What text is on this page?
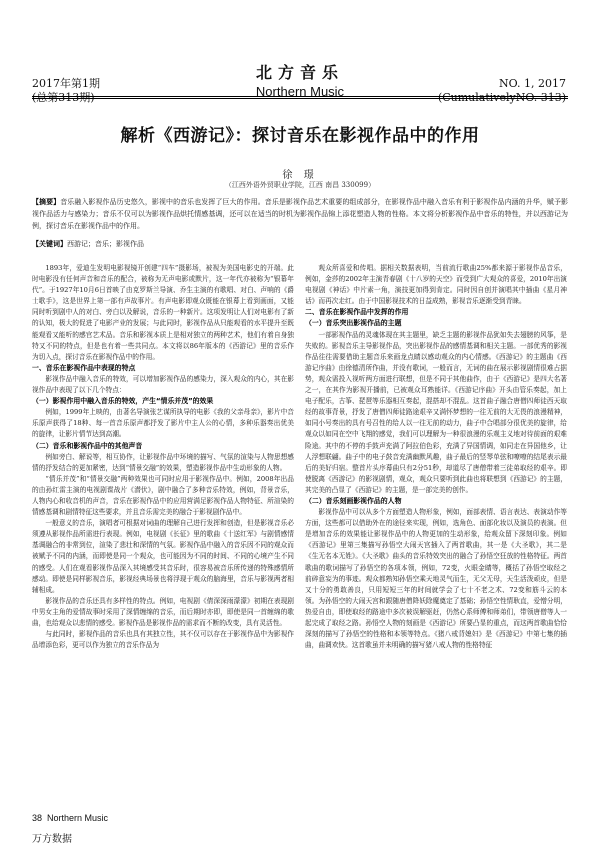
2017年第1期
(总第313期)
北方音乐
Northern Music
NO. 1, 2017
(CumulativelyNO. 313)
解析《西游记》：探讨音乐在影视作品中的作用
徐 璟
（江西外语外贸职业学院，江西 南昌 330099）
【摘要】音乐融入影视作品历史悠久，影视中的音乐也发挥了巨大的作用。音乐是影视作品艺术重要的组成部分，在影视作品中融入音乐有利于影视作品内涵的升华，赋予影视作品活力与感染力；音乐不仅可以为影视作品烘托情感基调，还可以在适当的时机为影视作品锦上添花塑造人物的性格。本文将分析影视作品中音乐的特性，并以西游记为例，探讨音乐在影视作品中的作用。
【关键词】西游记；音乐；影视作品

1893年，爱迪生发明电影视镜开创建“四车”摄影场，被视为美国电影史的开端。此时电影没有任何声音和音乐的配合，被称为无声电影或默片，这一年代亦被称为“银幕年代”。于1927年10月6日首映了由克罗斯兰导演、乔生主演的有歌唱、对白、声响的《爵士歌手》，这是世界上第一部有声故事片。有声电影即观众既能在银幕上看到画面，又能同时听到剧中人的对白、旁白以及解说，音乐的一种新片。这项发明让人们对电影有了新的认知，极大的促进了电影产业的发展；与此同时，影视作品从只能观看的水平提升至既能观看又能听的感官艺术品。音乐和影视本质上是相对独立的两种艺术，他们有着自身独特又不同的特点，但是也有着一些共同点。本文将以86年版本的《西游记》里的音乐作为切入点，探讨音乐在影视作品中的作用。

一、音乐在影视作品中表现的特点

影视作品中融入音乐的特效，可以增加影视作品的感染力，深入观众的内心，其在影视作品中表现了以下几个特点：

（一）影视作用中融入音乐的特效，产生“情乐并茂”的效果

例如，1999年上映的，由著名导演张艺谋所执导的电影《我的父亲母亲》，影片中音乐原声获得了18种、每一首音乐原声都抒发了影片中主人公的心情，多种乐器奏出优美的旋律，让影片情节达到高潮。

（二）音乐和影视作品中的其他声音

例如旁白、解说等，相互协作，让影视作品中环境的描写、气氛的渲染与人物思想感情的抒发结合的更加紧密，达到“情景交融”的效果，塑造影视作品中生动形象的人物。

“情乐并茂”和“情景交融”两种效果也可同时应用于影视作品中。例如，2008年出品的由孙红雷主演的电视剧谍战片《潜伏》，剧中融合了多种音乐特效，例如，背景音乐，人物内心和收音机的声音，音乐在影视作品中的应用营满足影视作品人物特征、所渲染的情感基调和剧情特征这些要求，并且音乐需完美的融合于影视剧作品中。

一般意义的音乐，演唱者可根据对词曲的理解自己进行发挥和创造，但是影视音乐必须遵从影视作品所需进行表现。例如，电视剧《长征》里的歌曲《十送红军》与剧情感情基调融合的非常到位，渲染了悲壮和深情的气氛。影视作品中融入的音乐因不同的观众而被赋予不同的内涵，而即使是同一个观众，也可能因为不同的时间、不同的心境产生不同的感受。人们在观看影视作品深入其境感受其音乐时，很容易被音乐所传递的特殊感情所感动。即使是同样影视音乐，影视经典场景也将浮现于观众的脑海里，音乐与影视两者相辅相成。

影视作品的音乐还具有多样性的特点。例如，电视剧《倩深深雨濛濛》初期在表现剧中男女主角的爱情故事时采用了深情缠绵的音乐，而后期时亦即，即使是同一首缠绵的歌曲，也给观众以悲情的感受。影视作品是影视作品的需求而不断的改变，具有灵活性。

与此同时，影视作品的音乐也具有其独立性，其不仅可以存在于影视作品中为影视作品增添色彩，更可以作为独立的音乐作品为

观众所喜爱和传唱。据相关数据表明，当前流行歌曲25%都来源于影视作品音乐，例如，金莎的2002年主演青春剧《十八岁的天空》而受到广大观众的喜爱，2010年出演电视剧《神话》中片素一角，演技更加得到肯定。同时因自创并演唱其中插曲《星月神话》而再次走红。由于中国影视技术的日益成熟，影视音乐逐渐受到青睐。

二、音乐在影视作品中发挥的作用

（一）音乐突出影视作品的主题

一部影视作品的灵魂体现在其主题里，缺乏主题的影视作品犹如失去翅膀的风筝，是失败的。影视音乐主导影视作品，突出影视作品的感情基调和相关主题。一部优秀的影视作品往往需要借助主题音乐来画龙点睛以感动观众的内心情感。《西游记》的主题曲《西游记序曲》由徐德清所作曲，并没有歌词，一般而言，无词的曲在展示影视剧情很难占据势，观众需投入视听两方面进行联想，但是不同于其他曲作，由于《西游记》是四大名著之一，在其作为影视开播前，已被观众耳熟能详。《西游记序曲》开头由管乐奏起，加上电子配乐，古筝、琵琶等乐器相互奏起，混搭却不混乱。这首曲子融合唐僧四师徒西天取经的故事背景，抒发了唐僧四师徒路途艰辛又满怀梦想的一往无前的大无畏的浪漫精神，如同小号奏出的具有号召性的给人以一往无前的动力，曲子中合唱部分很优美的旋律，给观众以如同在空中飞翔的感觉，我们可以理解为一种很浪漫的乐观主义地对待前面的艰难险途。其中的不停的手鼓声充满了阿拉伯色彩，充满了异国情调，如同走在异国他乡，让人浮想联翩。曲子中的电子鼓音充满幽默风趣，曲子最后的竖琴单弦和嘹嘹的结尾表示最后的美好归宿。整首片头序幕曲只有2分51秒，却道尽了唐僧带着三徒弟取经的艰辛。即使脱离《西游记》的影视剧情，观众，观众只要听到此曲也将联想到《西游记》的主题，其完美的凸显了《西游记》的主题，是一部完美的创作。

（二）音乐刻画影视作品的人物

影视作品中可以从多个方面塑造人物形象，例如，面部表情、语言表达、表演动作等方面，这些都可以借助外在的途径来实现，例如，选角色、面部化妆以及演员的表演。但是增加音乐的效果能让影视作品中的人物更加的生动形象，给观众留下深刻印象。例如《西游记》里第三集描写孙悟空大闹天宫插入了两首歌曲，其一是《大圣歌》，其二是《生无名本无姓》。《大圣歌》曲头的音乐特效突出的融合了孙悟空狂放的性格特征。两首歌曲的歌词描写了孙悟空的各项本领，例如，72变，火眼金睛等，概括了孙悟空取经之前碎意妄为的事迹。观众都熟知孙悟空乘天地灵气而生，无父无母，天生活泼顽皮，但是又十分的勇敢善良，只用短短三年的时间就学会了七十不老之术、72变和筋斗云的本领。为孙悟空的大闹天宫和跟随唐僧降妖除魔奠定了基础；孙悟空性情耿直，爱憎分明，热爱自由，即使取经的路途中多次被误解驱赶，仍然心系师傅和师弟们，带领唐僧等人一起完成了取经之路。孙悟空人物的刻画是《西游记》所要凸显的重点，而这两首歌曲恰恰深刻的描写了孙悟空的性格和本领等特点。《猪八戒背媳妇》是《西游记》中第七集的插曲，曲调欢快。这首歌虽并未明确的描写猪八戒人物的性格特征

38 Northern Music
万方数据
